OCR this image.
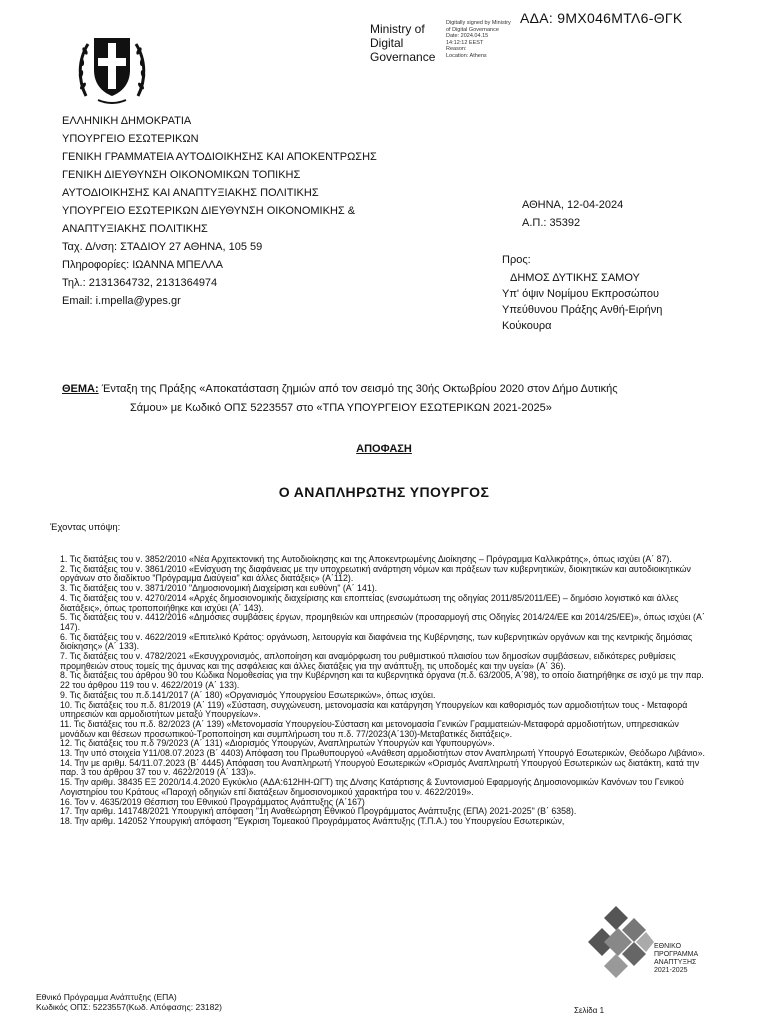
ΑΔΑ: 9ΜΧ046ΜΤΛ6-ΘΓΚ
Ministry of
Digital
Governance
Digitally signed by Ministry
of Digital Governance
Date: 2024.04.15
14:12:12 EEST
Reason:
Location: Athens
ΕΛΛΗΝΙΚΗ ΔΗΜΟΚΡΑΤΙΑ
ΥΠΟΥΡΓΕΙΟ ΕΣΩΤΕΡΙΚΩΝ
ΓΕΝΙΚΗ ΓΡΑΜΜΑΤΕΙΑ ΑΥΤΟΔΙΟΙΚΗΣΗΣ ΚΑΙ ΑΠΟΚΕΝΤΡΩΣΗΣ
ΓΕΝΙΚΗ ΔΙΕΥΘΥΝΣΗ ΟΙΚΟΝΟΜΙΚΩΝ ΤΟΠΙΚΗΣ
ΑΥΤΟΔΙΟΙΚΗΣΗΣ ΚΑΙ ΑΝΑΠΤΥΞΙΑΚΗΣ ΠΟΛΙΤΙΚΗΣ
ΥΠΟΥΡΓΕΙΟ ΕΣΩΤΕΡΙΚΩΝ ΔΙΕΥΘΥΝΣΗ ΟΙΚΟΝΟΜΙΚΗΣ &
ΑΝΑΠΤΥΞΙΑΚΗΣ ΠΟΛΙΤΙΚΗΣ
Ταχ. Δ/νση: ΣΤΑΔΙΟΥ 27 ΑΘΗΝΑ, 105 59
Πληροφορίες: ΙΩΑΝΝΑ ΜΠΕΛΛΑ
Τηλ.: 2131364732, 2131364974
Email: i.mpella@ypes.gr
ΑΘΗΝΑ, 12-04-2024
Α.Π.: 35392
Προς:
ΔΗΜΟΣ ΔΥΤΙΚΗΣ ΣΑΜΟΥ
Υπ' όψιν Νομίμου Εκπροσώπου
Υπεύθυνου Πράξης Ανθή-Ειρήνη
Κούκουρα
ΘΕΜΑ: Ένταξη της Πράξης «Αποκατάσταση ζημιών από τον σεισμό της 30ής Οκτωβρίου 2020 στον Δήμο Δυτικής
Σάμου» με Κωδικό ΟΠΣ 5223557 στο «ΤΠΑ ΥΠΟΥΡΓΕΙΟΥ ΕΣΩΤΕΡΙΚΩΝ 2021-2025»
ΑΠΟΦΑΣΗ
Ο ΑΝΑΠΛΗΡΩΤΗΣ ΥΠΟΥΡΓΟΣ
Έχοντας υπόψη:

1. Τις διατάξεις του ν. 3852/2010 «Νέα Αρχιτεκτονική της Αυτοδιοίκησης και της Αποκεντρωμένης Διοίκησης – Πρόγραμμα Καλλικράτης», όπως ισχύει (Α΄ 87).

2. Τις διατάξεις του ν. 3861/2010 «Ενίσχυση της διαφάνειας με την υποχρεωτική ανάρτηση νόμων και πράξεων των κυβερνητικών, διοικητικών και αυτοδιοικητικών οργάνων στο διαδίκτυο "Πρόγραμμα Διαύγεια" και άλλες διατάξεις» (Α΄112).

3. Τις διατάξεις του ν. 3871/2010 "Δημοσιονομική Διαχείριση και ευθύνη" (Α΄ 141).

4. Τις διατάξεις του ν. 4270/2014 «Αρχές δημοσιονομικής διαχείρισης και εποπτείας (ενσωμάτωση της οδηγίας 2011/85/2011/ΕΕ) – δημόσιο λογιστικό και άλλες διατάξεις», όπως τροποποιήθηκε και ισχύει (Α΄ 143).

5. Τις διατάξεις του ν. 4412/2016 «Δημόσιες συμβάσεις έργων, προμηθειών και υπηρεσιών (προσαρμογή στις Οδηγίες 2014/24/ΕΕ και 2014/25/ΕΕ)», όπως ισχύει (Α΄ 147).

6. Τις διατάξεις του ν. 4622/2019 «Επιτελικό Κράτος: οργάνωση, λειτουργία και διαφάνεια της Κυβέρνησης, των κυβερνητικών οργάνων και της κεντρικής δημόσιας διοίκησης» (Α΄ 133).

7. Τις διατάξεις του ν. 4782/2021 «Εκσυγχρονισμός, απλοποίηση και αναμόρφωση του ρυθμιστικού πλαισίου των δημοσίων συμβάσεων, ειδικότερες ρυθμίσεις προμηθειών στους τομείς της άμυνας και της ασφάλειας και άλλες διατάξεις για την ανάπτυξη, τις υποδομές και την υγεία» (Α΄ 36).

8. Τις διατάξεις του άρθρου 90 του Κώδικα Νομοθεσίας για την Κυβέρνηση και τα κυβερνητικά όργανα (π.δ. 63/2005, Α΄98), το οποίο διατηρήθηκε σε ισχύ με την παρ. 22 του άρθρου 119 του ν. 4622/2019 (Α΄ 133).

9. Τις διατάξεις του π.δ.141/2017 (Α΄ 180) «Οργανισμός Υπουργείου Εσωτερικών», όπως ισχύει.

10. Τις διατάξεις του π.δ. 81/2019 (Α΄ 119) «Σύσταση, συγχώνευση, μετονομασία και κατάργηση Υπουργείων και καθορισμός των αρμοδιοτήτων τους - Μεταφορά υπηρεσιών και αρμοδιοτήτων μεταξύ Υπουργείων».

11. Τις διατάξεις του π.δ. 82/2023 (Α΄ 139) «Μετονομασία Υπουργείου-Σύσταση και μετονομασία Γενικών Γραμματειών-Μεταφορά αρμοδιοτήτων, υπηρεσιακών μονάδων και θέσεων προσωπικού-Τροποποίηση και συμπλήρωση του π.δ. 77/2023(Α΄130)-Μεταβατικές διατάξεις».

12. Τις διατάξεις του π.δ 79/2023 (Α΄ 131) «Διορισμός Υπουργών, Αναπληρωτών Υπουργών και Υφυπουργών».

13. Την υπό στοιχεία Υ11/08.07.2023 (Β΄ 4403) Απόφαση του Πρωθυπουργού «Ανάθεση αρμοδιοτήτων στον Αναπληρωτή Υπουργό Εσωτερικών, Θεόδωρο Λιβάνιο».

14. Την με αριθμ. 54/11.07.2023 (Β΄ 4445) Απόφαση του Αναπληρωτή Υπουργού Εσωτερικών «Ορισμός Αναπληρωτή Υπουργού Εσωτερικών ως διατάκτη, κατά την παρ. 3 του άρθρου 37 του ν. 4622/2019 (Α΄ 133)».

15. Την αριθμ. 38435 ΕΞ 2020/14.4.2020 Εγκύκλιο (ΑΔΑ:612ΗΗ-ΩΓΤ) της Δ/νσης Κατάρτισης & Συντονισμού Εφαρμογής Δημοσιονομικών Κανόνων του Γενικού Λογιστηρίου του Κράτους «Παροχή οδηγιών επί διατάξεων δημοσιονομικού χαρακτήρα του ν. 4622/2019».

16. Τον ν. 4635/2019 Θέσπιση του Εθνικού Προγράμματος Ανάπτυξης (Α΄167)

17. Την αριθμ. 141748/2021 Υπουργική απόφαση "1η Αναθεώρηση Εθνικού Προγράμματος Ανάπτυξης (ΕΠΑ) 2021-2025" (Β΄ 6358).

18. Την αριθμ. 142052 Υπουργική απόφαση "Έγκριση Τομεακού Προγράμματος Ανάπτυξης (Τ.Π.Α.) του Υπουργείου Εσωτερικών,

ΕΘΝΙΚΟ
ΠΡΟΓΡΑΜΜΑ
ΑΝΑΠΤΥΞΗΣ
2021-2025
Εθνικό Πρόγραμμα Ανάπτυξης (ΕΠΑ)
Κωδικός ΟΠΣ: 5223557(Κωδ. Απόφασης: 23182)	Σελίδα 1
